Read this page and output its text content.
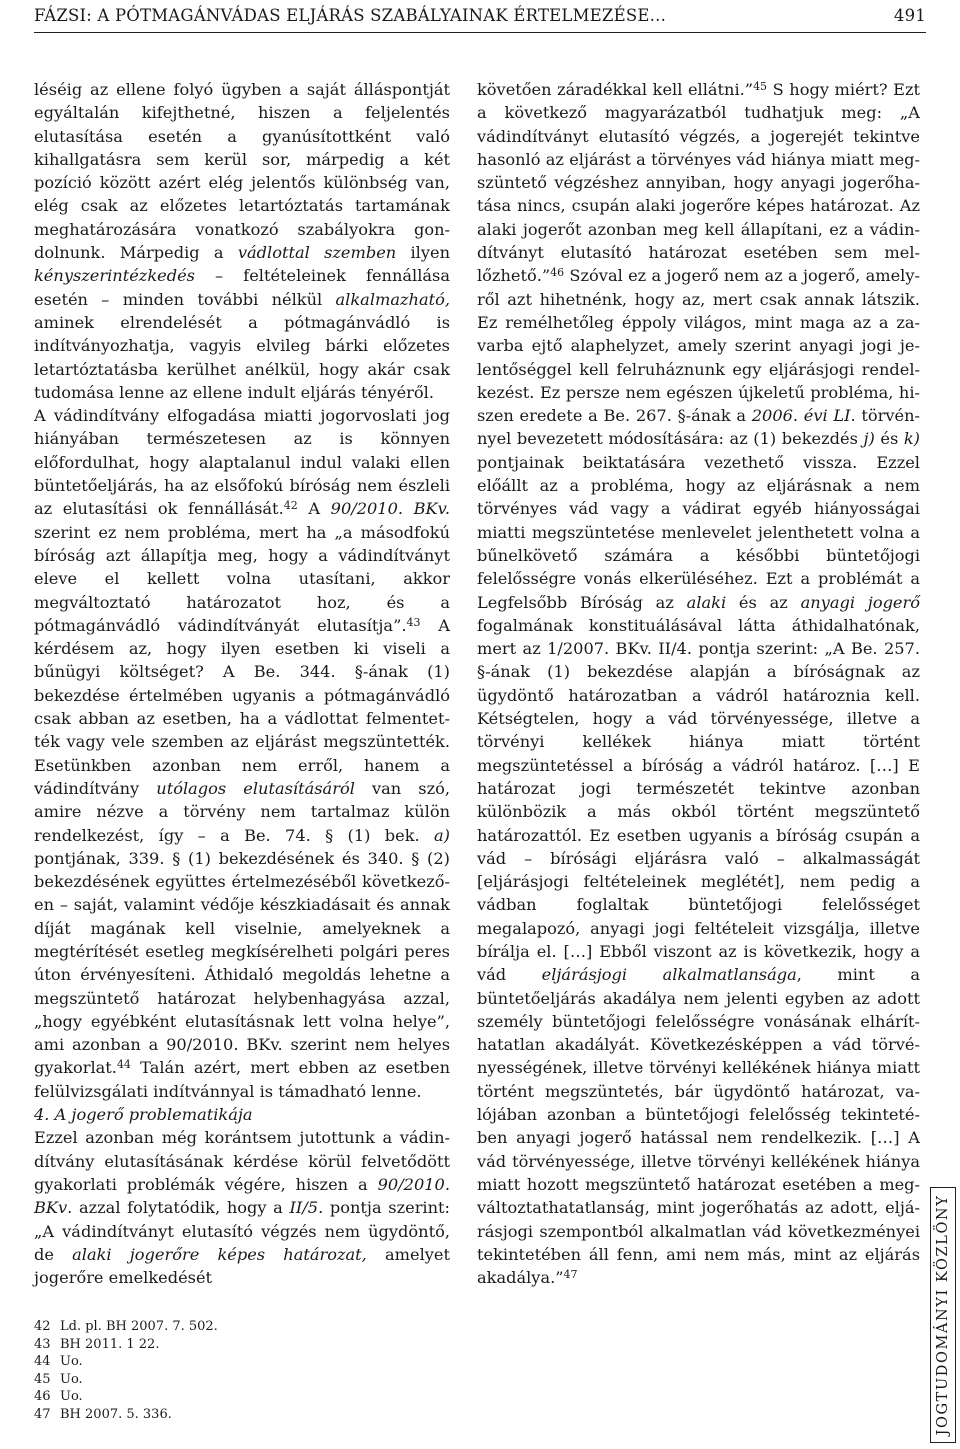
FÁZSI: A PÓTMAGÁNVÁDAS ELJÁRÁS SZABÁLYAINAK ÉRTELMEZÉSE…	491

léséig az ellene folyó ügyben a saját álláspontját egyáltalán kifejthetné, hiszen a feljelentés elutasítása esetén a gyanúsítottként való kihallgatásra sem kerül sor, márpedig a két pozíció között azért elég jelentős különbség van, elég csak az előzetes letartóztatás tartamának meghatározására vonatkozó szabályokra gondolnunk. Márpedig a vádlottal szemben ilyen kényszerintézkedés – feltételeinek fennállása esetén – minden további nélkül alkalmazható, aminek elrendelését a pótmagánvádló is indítványozhatja, vagyis elvileg bárki előzetes letartóztatásba kerülhet anélkül, hogy akár csak tudomása lenne az ellene indult eljárás tényéről.

A vádindítvány elfogadása miatti jogorvoslati jog hiányában természetesen az is könnyen előfordulhat, hogy alaptalanul indul valaki ellen büntetőeljárás, ha az elsőfokú bíróság nem észleli az elutasítási ok fennállását.$^{42}$ A 90/2010. BKv. szerint ez nem probléma, mert ha „a másodfokú bíróság azt állapítja meg, hogy a vádindítványt eleve el kellett volna utasítani, akkor megváltoztató határozatot hoz, és a pótmagánvádló vádindítványát elutasítja”.$^{43}$ A kérdésem az, hogy ilyen esetben ki viseli a bűnügyi költséget? A Be. 344. §-ának (1) bekezdése értelmében ugyanis a pótmagánvádló csak abban az esetben, ha a vádlottat felmentették vagy vele szemben az eljárást megszüntették. Esetünkben azonban nem erről, hanem a vádindítvány utólagos elutasításáról van szó, amire nézve a törvény nem tartalmaz külön rendelkezést, így – a Be. 74. § (1) bek. a) pontjának, 339. § (1) bekezdésének és 340. § (2) bekezdésének együttes értelmezéséből következően – saját, valamint védője készkiadásait és annak díját magának kell viselnie, amelyeknek a megtérítését esetleg megkísérelheti polgári peres úton érvényesíteni. Áthidaló megoldás lehetne a megszüntető határozat helybenhagyása azzal, „hogy egyébként elutasításnak lett volna helye”, ami azonban a 90/2010. BKv. szerint nem helyes gyakorlat.$^{44}$ Talán azért, mert ebben az esetben felülvizsgálati indítvánnyal is támadható lenne.

4. A jogerő problematikája

Ezzel azonban még korántsem jutottunk a vádindítvány elutasításának kérdése körül felvetődött gyakorlati problémák végére, hiszen a 90/2010. BKv. azzal folytatódik, hogy a II/5. pontja szerint: „A vádindítványt elutasító végzés nem ügydöntő, de alaki jogerőre képes határozat, amelyet jogerőre emelkedését

követően záradékkal kell ellátni.”$^{45}$ S hogy miért? Ezt a következő magyarázatból tudhatjuk meg: „A vádindítványt elutasító végzés, a jogerejét tekintve hasonló az eljárást a törvényes vád hiánya miatt megszüntető végzéshez annyiban, hogy anyagi jogerőhatása nincs, csupán alaki jogerőre képes határozat. Az alaki jogerőt azonban meg kell állapítani, ez a vádindítványt elutasító határozat esetében sem mellőzhető.”$^{46}$ Szóval ez a jogerő nem az a jogerő, amelyről azt hihetnénk, hogy az, mert csak annak látszik. Ez remélhetőleg éppoly világos, mint maga az a zavarba ejtő alaphelyzet, amely szerint anyagi jogi jelentőséggel kell felruháznunk egy eljárásjogi rendelkezést. Ez persze nem egészen újkeletű probléma, hiszen eredete a Be. 267. §-ának a 2006. évi LI. törvénnyel bevezetett módosítására: az (1) bekezdés j) és k) pontjainak beiktatására vezethető vissza. Ezzel előállt az a probléma, hogy az eljárásnak a nem törvényes vád vagy a vádirat egyéb hiányosságai miatti megszüntetése menlevelet jelenthetett volna a bűnelkövető számára a későbbi büntetőjogi felelősségre vonás elkerüléséhez. Ezt a problémát a Legfelsőbb Bíróság az alaki és az anyagi jogerő fogalmának konstituálásával látta áthidalhatónak, mert az 1/2007. BKv. II/4. pontja szerint: „A Be. 257. §-ának (1) bekezdése alapján a bíróságnak az ügydöntő határozatban a vádról határoznia kell. Kétségtelen, hogy a vád törvényessége, illetve a törvényi kellékek hiánya miatt történt megszüntetéssel a bíróság a vádról határoz. […] E határozat jogi természetét tekintve azonban különbözik a más okból történt megszüntető határozattól. Ez esetben ugyanis a bíróság csupán a vád – bírósági eljárásra való – alkalmasságát [eljárásjogi feltételeinek meglétét], nem pedig a vádban foglaltak büntetőjogi felelősséget megalapozó, anyagi jogi feltételeit vizsgálja, illetve bírálja el. […] Ebből viszont az is következik, hogy a vád eljárásjogi alkalmatlansága, mint a büntetőeljárás akadálya nem jelenti egyben az adott személy büntetőjogi felelősségre vonásának elháríthatatlan akadályát. Következésképpen a vád törvényességének, illetve törvényi kellékének hiánya miatt történt megszüntetés, bár ügydöntő határozat, valójában azonban a büntetőjogi felelősség tekintetében anyagi jogerő hatással nem rendelkezik. […] A vád törvényessége, illetve törvényi kellékének hiánya miatt hozott megszüntető határozat esetében a megváltoztathatatlanság, mint jogerőhatás az adott, eljárásjogi szempontból alkalmatlan vád következményei tekintetében áll fenn, ami nem más, mint az eljárás akadálya.”$^{47}$

42 Ld. pl. BH 2007. 7. 502.
43 BH 2011. 1 22.
44 Uo.
45 Uo.
46 Uo.
47 BH 2007. 5. 336.	JOGTUDOMÁNYI KÖZLÖNY
